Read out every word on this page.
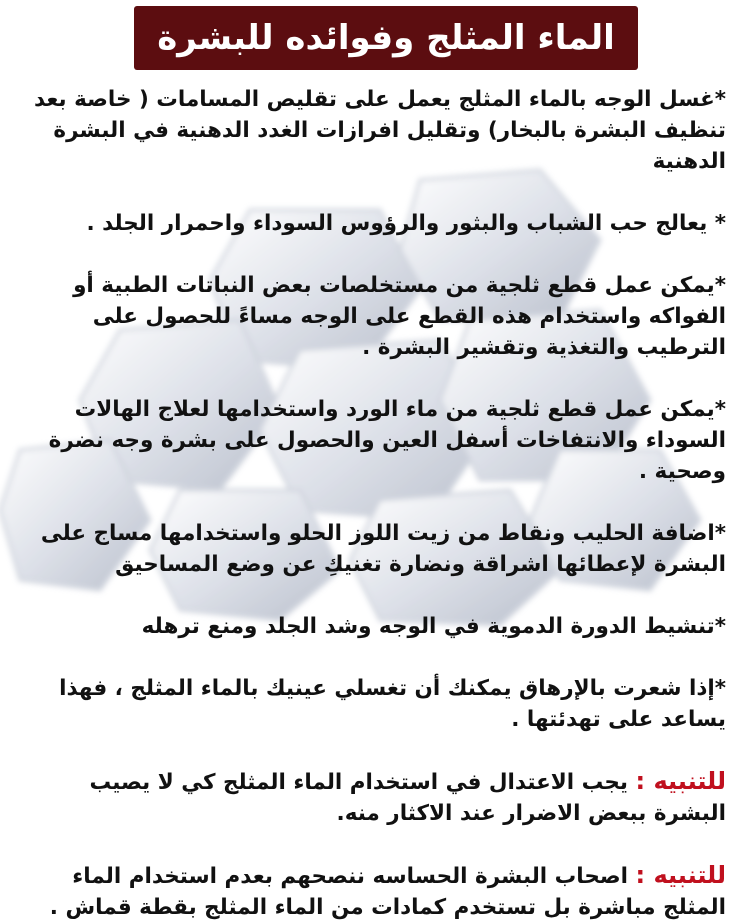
الماء المثلج وفوائده للبشرة

*غسل الوجه بالماء المثلج يعمل على تقليص المسامات ( خاصة بعد تنظيف البشرة بالبخار) وتقليل افرازات الغدد الدهنية في البشرة الدهنية

* يعالج حب الشباب والبثور والرؤوس السوداء واحمرار الجلد .

*يمكن عمل قطع ثلجية من مستخلصات بعض النباتات الطبية أو الفواكه واستخدام هذه القطع على الوجه مساءً للحصول على الترطيب والتغذية وتقشير البشرة .

*يمكن عمل قطع ثلجية من ماء الورد واستخدامها لعلاج الهالات السوداء والانتفاخات أسفل العين والحصول على بشرة وجه نضرة وصحية .

*اضافة الحليب ونقاط من زيت اللوز الحلو واستخدامها مساج على البشرة لإعطائها اشراقة ونضارة تغنيكِ عن وضع المساحيق

*تنشيط الدورة الدموية في الوجه وشد الجلد ومنع ترهله

*إذا شعرت بالإرهاق يمكنك أن تغسلي عينيك بالماء المثلج ، فهذا يساعد على تهدئتها .

للتنبيه : يجب الاعتدال في استخدام الماء المثلج كي لا يصيب البشرة ببعض الاضرار عند الاكثار منه.

للتنبيه : اصحاب البشرة الحساسه ننصحهم بعدم استخدام الماء المثلج مباشرة بل تستخدم كمادات من الماء المثلج بقطة قماش .
